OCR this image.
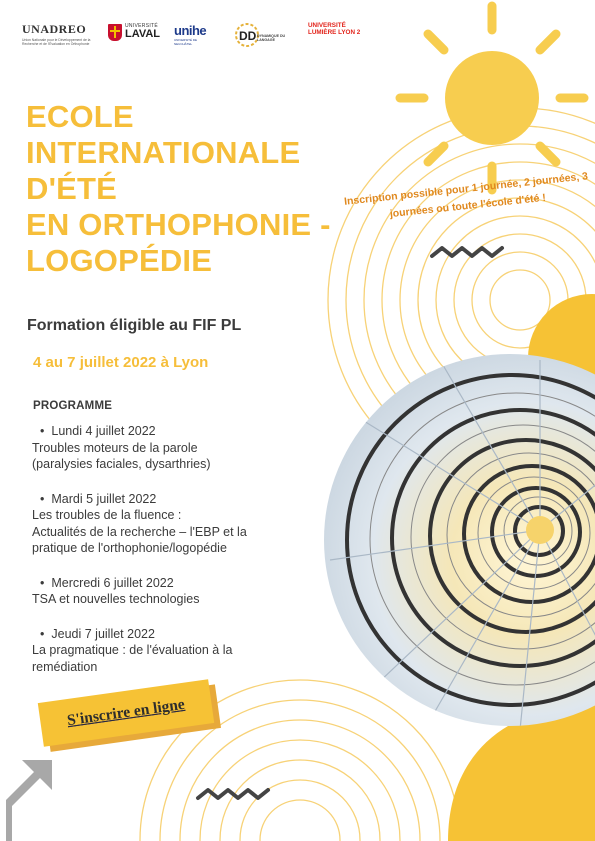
UNADREO
Union Nationale pour le Développement de la Recherche et de l'Évaluation en Orthophonie
UNIVERSITÉ
LAVAL unihe
UNIVERSITÉ DE NEUCHÂTEL
DD DYNAMIQUE DU LANGAGE
UNIVERSITÉ LUMIÈRE LYON 2
ECOLE
INTERNATIONALE
D'ÉTÉ
EN ORTHOPHONIE -
LOGOPÉDIE
Formation éligible au FIF PL
4 au 7 juillet 2022 à Lyon
PROGRAMME
• Lundi 4 juillet 2022
Troubles moteurs de la parole
(paralysies faciales, dysarthries)
• Mardi 5 juillet 2022
Les troubles de la fluence :
Actualités de la recherche – l'EBP et la
pratique de l'orthophonie/logopédie
• Mercredi 6 juillet 2022
TSA et nouvelles technologies
• Jeudi 7 juillet 2022
La pragmatique : de l'évaluation à la
remédiation
Inscription possible pour 1 journée, 2 journées, 3 journées ou toute l'école d'été !
S'inscrire en ligne
